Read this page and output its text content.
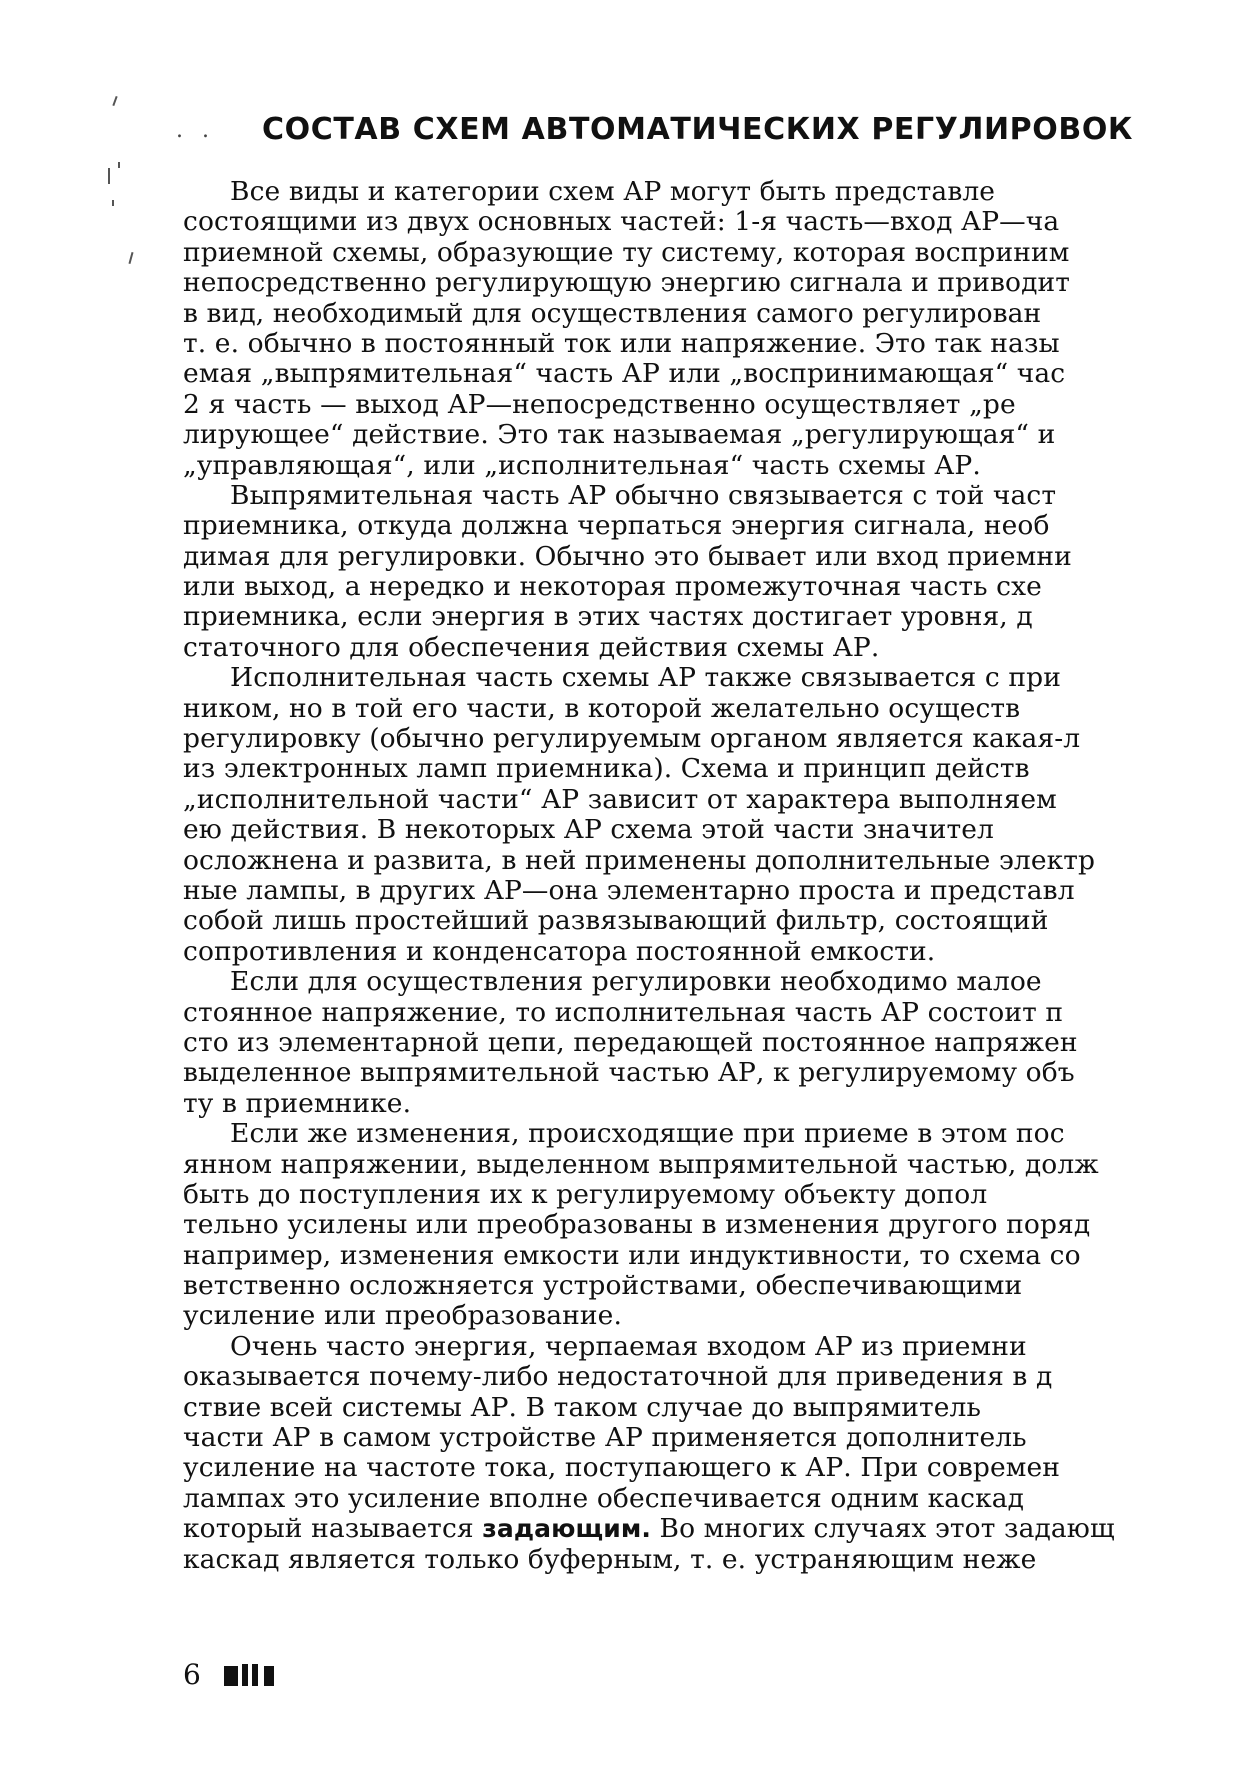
. . СОСТАВ СХЕМ АВТОМАТИЧЕСКИХ РЕГУЛИРОВОК
Все виды и категории схем АР могут быть представле
состоящими из двух основных частей: 1-я часть—вход АР—ча
приемной схемы, образующие ту систему, которая восприним
непосредственно регулирующую энергию сигнала и приводит
в вид, необходимый для осуществления самого регулирован
т. е. обычно в постоянный ток или напряжение. Это так назы
емая „выпрямительная“ часть АР или „воспринимающая“ час
2 я часть — выход АР—непосредственно осуществляет „ре
лирующее“ действие. Это так называемая „регулирующая“ и
„управляющая“, или „исполнительная“ часть схемы АР.
Выпрямительная часть АР обычно связывается с той част
приемника, откуда должна черпаться энергия сигнала, необ
димая для регулировки. Обычно это бывает или вход приемни
или выход, а нередко и некоторая промежуточная часть схе
приемника, если энергия в этих частях достигает уровня, д
статочного для обеспечения действия схемы АР.
Исполнительная часть схемы АР также связывается с при
ником, но в той его части, в которой желательно осуществ
регулировку (обычно регулируемым органом является какая-л
из электронных ламп приемника). Схема и принцип действ
„исполнительной части“ АР зависит от характера выполняем
ею действия. В некоторых АР схема этой части значител
осложнена и развита, в ней применены дополнительные электр
ные лампы, в других АР—она элементарно проста и представл
собой лишь простейший развязывающий фильтр, состоящий
сопротивления и конденсатора постоянной емкости.
Если для осуществления регулировки необходимо малое
стоянное напряжение, то исполнительная часть АР состоит п
сто из элементарной цепи, передающей постоянное напряжен
выделенное выпрямительной частью АР, к регулируемому объ
ту в приемнике.
Если же изменения, происходящие при приеме в этом пос
янном напряжении, выделенном выпрямительной частью, долж
быть до поступления их к регулируемому объекту допол
тельно усилены или преобразованы в изменения другого поряд
например, изменения емкости или индуктивности, то схема со
ветственно осложняется устройствами, обеспечивающими
усиление или преобразование.
Очень часто энергия, черпаемая входом АР из приемни
оказывается почему-либо недостаточной для приведения в д
ствие всей системы АР. В таком случае до выпрямитель
части АР в самом устройстве АР применяется дополнитель
усиление на частоте тока, поступающего к АР. При совремeн
лампах это усиление вполне обеспечивается одним каскад
который называется задающим. Во многих случаях этот задающ
каскад является только буферным, т. е. устраняющим неже
6
